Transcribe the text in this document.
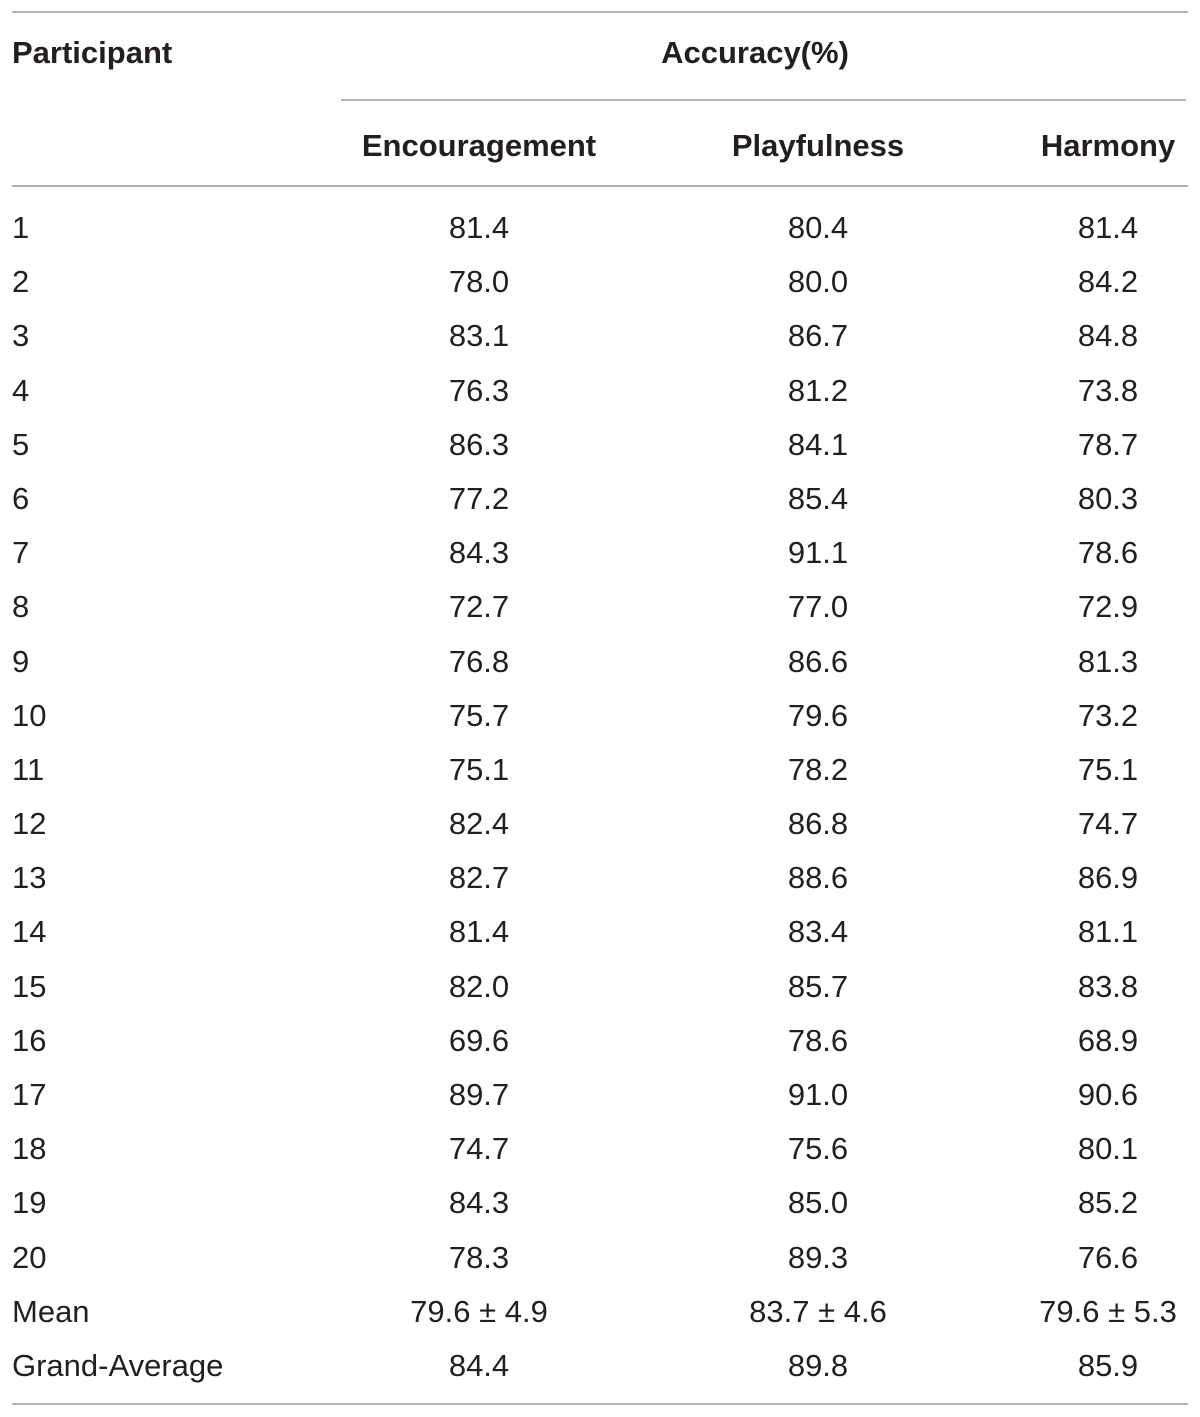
Participant	Accuracy(%)
Encouragement	Playfulness	Harmony
1	81.4	80.4	81.4
2	78.0	80.0	84.2
3	83.1	86.7	84.8
4	76.3	81.2	73.8
5	86.3	84.1	78.7
6	77.2	85.4	80.3
7	84.3	91.1	78.6
8	72.7	77.0	72.9
9	76.8	86.6	81.3
10	75.7	79.6	73.2
11	75.1	78.2	75.1
12	82.4	86.8	74.7
13	82.7	88.6	86.9
14	81.4	83.4	81.1
15	82.0	85.7	83.8
16	69.6	78.6	68.9
17	89.7	91.0	90.6
18	74.7	75.6	80.1
19	84.3	85.0	85.2
20	78.3	89.3	76.6
Mean	79.6 ± 4.9	83.7 ± 4.6	79.6 ± 5.3
Grand-Average	84.4	89.8	85.9
